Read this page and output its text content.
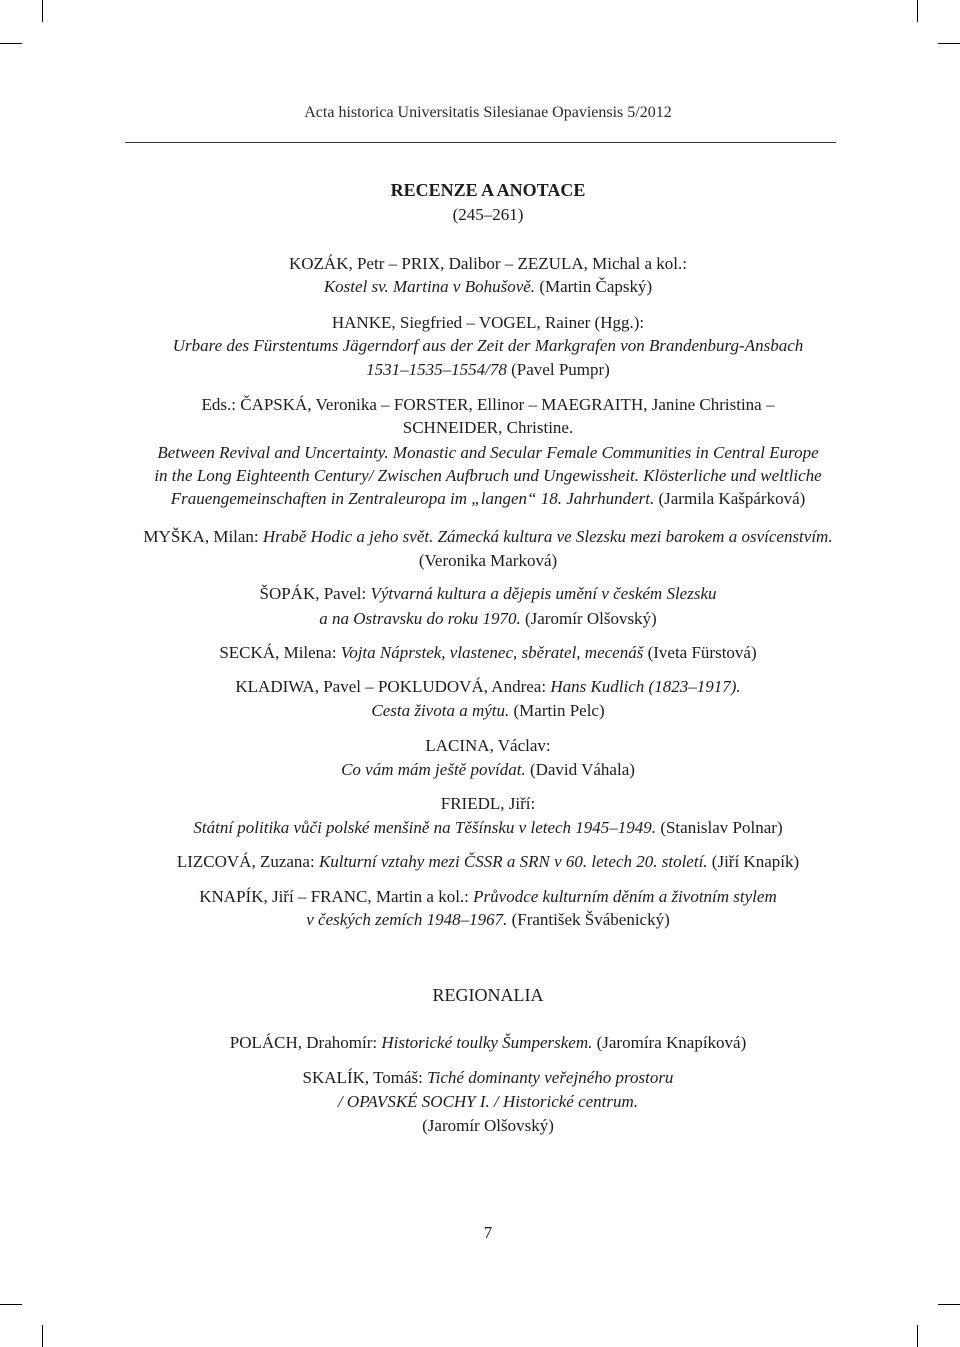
Acta historica Universitatis Silesianae Opaviensis 5/2012
RECENZE A ANOTACE
(245–261)
KOZÁK, Petr – PRIX, Dalibor – ZEZULA, Michal a kol.:
Kostel sv. Martina v Bohušově. (Martin Čapský)
HANKE, Siegfried – VOGEL, Rainer (Hgg.):
Urbare des Fürstentums Jägerndorf aus der Zeit der Markgrafen von Brandenburg-Ansbach
1531–1535–1554/78 (Pavel Pumpr)
Eds.: ČAPSKÁ, Veronika – FORSTER, Ellinor – MAEGRAITH, Janine Christina –
SCHNEIDER, Christine.
Between Revival and Uncertainty. Monastic and Secular Female Communities in Central Europe
in the Long Eighteenth Century/ Zwischen Aufbruch und Ungewissheit. Klösterliche und weltliche
Frauengemeinschaften in Zentraleuropa im „langen“ 18. Jahrhundert. (Jarmila Kašpárková)
MYŠKA, Milan: Hrabě Hodic a jeho svět. Zámecká kultura ve Slezsku mezi barokem a osvícenstvím.
(Veronika Marková)
ŠOPÁK, Pavel: Výtvarná kultura a dějepis umění v českém Slezsku
a na Ostravsku do roku 1970. (Jaromír Olšovský)
SECKÁ, Milena: Vojta Náprstek, vlastenec, sběratel, mecenáš (Iveta Fürstová)
KLADIWA, Pavel – POKLUDOVÁ, Andrea: Hans Kudlich (1823–1917).
Cesta života a mýtu. (Martin Pelc)
LACINA, Václav:
Co vám mám ještě povídat. (David Váhala)
FRIEDL, Jiří:
Státní politika vůči polské menšině na Těšínsku v letech 1945–1949. (Stanislav Polnar)
LIZCOVÁ, Zuzana: Kulturní vztahy mezi ČSSR a SRN v 60. letech 20. století. (Jiří Knapík)
KNAPÍK, Jiří – FRANC, Martin a kol.: Průvodce kulturním děním a životním stylem
v českých zemích 1948–1967. (František Švábenický)
REGIONALIA
POLÁCH, Drahomír: Historické toulky Šumperskem. (Jaromíra Knapíková)
SKALÍK, Tomáš: Tiché dominanty veřejného prostoru
/ OPAVSKÉ SOCHY I. / Historické centrum.
(Jaromír Olšovský)
7
